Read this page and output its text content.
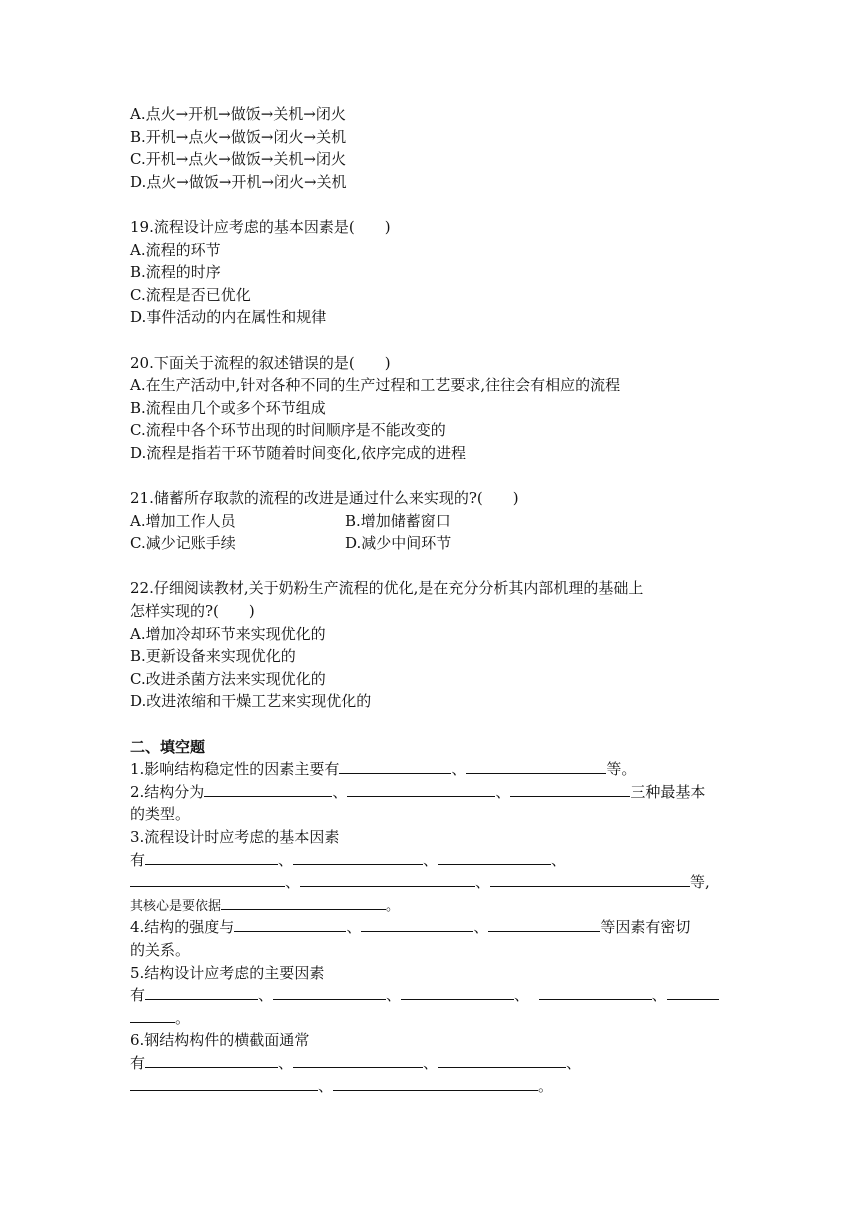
A.点火→开机→做饭→关机→闭火
B.开机→点火→做饭→闭火→关机
C.开机→点火→做饭→关机→闭火
D.点火→做饭→开机→闭火→关机
19.流程设计应考虑的基本因素是(　　)
A.流程的环节
B.流程的时序
C.流程是否已优化
D.事件活动的内在属性和规律
20.下面关于流程的叙述错误的是(　　)
A.在生产活动中,针对各种不同的生产过程和工艺要求,往往会有相应的流程
B.流程由几个或多个环节组成
C.流程中各个环节出现的时间顺序是不能改变的
D.流程是指若干环节随着时间变化,依序完成的进程
21.储蓄所存取款的流程的改进是通过什么来实现的?(　　)
A.增加工作人员	B.增加储蓄窗口
C.减少记账手续	D.减少中间环节
22.仔细阅读教材,关于奶粉生产流程的优化,是在充分分析其内部机理的基础上
怎样实现的?(　　)
A.增加冷却环节来实现优化的
B.更新设备来实现优化的
C.改进杀菌方法来实现优化的
D.改进浓缩和干燥工艺来实现优化的
二、填空题
1.影响结构稳定性的因素主要有	、	等。
2.结构分为	、	、	三种最基本
的类型。
3.流程设计时应考虑的基本因素
有	、	、	、
、	、	等,
其核心是要依据	。
4.结构的强度与	、	、	等因素有密切
的关系。
5.结构设计应考虑的主要因素
有	、	、	、	、
。
6.钢结构构件的横截面通常
有	、	、	、
、	。
